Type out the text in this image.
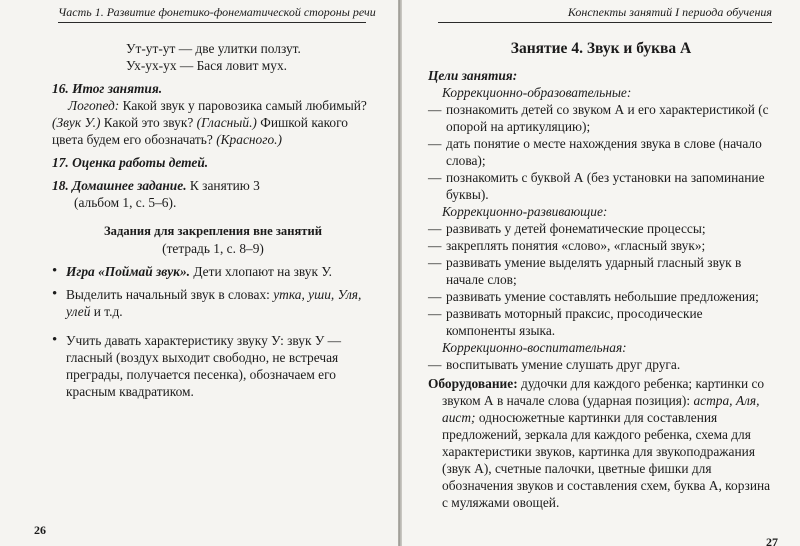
Часть 1. Развитие фонетико-фонематической стороны речи

Ут-ут-ут — две улитки ползут.

Ух-ух-ух — Бася ловит мух.

16. Итог занятия.

Логопед: Какой звук у паровозика самый любимый? (Звук У.) Какой это звук? (Гласный.) Фишкой какого цвета будем его обозначать? (Красного.)

17. Оценка работы детей.

18. Домашнее задание. К занятию 3

(альбом 1, с. 5–6).

Задания для закрепления вне занятий

(тетрадь 1, с. 8–9)

• Игра «Поймай звук». Дети хлопают на звук У.

• Выделить начальный звук в словах: утка, уши, Уля, улей и т.д.

• Учить давать характеристику звуку У: звук У — гласный (воздух выходит свободно, не встречая преграды, получается песенка), обозначаем его красным квадратиком.

26
Конспекты занятий I периода обучения

Занятие 4. Звук и буква А

Цели занятия:

Коррекционно-образовательные:

— познакомить детей со звуком А и его характеристикой (с опорой на артикуляцию);

— дать понятие о месте нахождения звука в слове (начало слова);

— познакомить с буквой А (без установки на запоминание буквы).

Коррекционно-развивающие:

— развивать у детей фонематические процессы;

— закреплять понятия «слово», «гласный звук»;

— развивать умение выделять ударный гласный звук в начале слов;

— развивать умение составлять небольшие предложения;

— развивать моторный праксис, просодические компоненты языка.

Коррекционно-воспитательная:

— воспитывать умение слушать друг друга.

Оборудование: дудочки для каждого ребенка; картинки со звуком А в начале слова (ударная позиция): астра, Аля, аист; односюжетные картинки для составления предложений, зеркала для каждого ребенка, схема для характеристики звуков, картинка для звукоподражания (звук А), счетные палочки, цветные фишки для обозначения звуков и составления схем, буква А, корзина с муляжами овощей.

27
